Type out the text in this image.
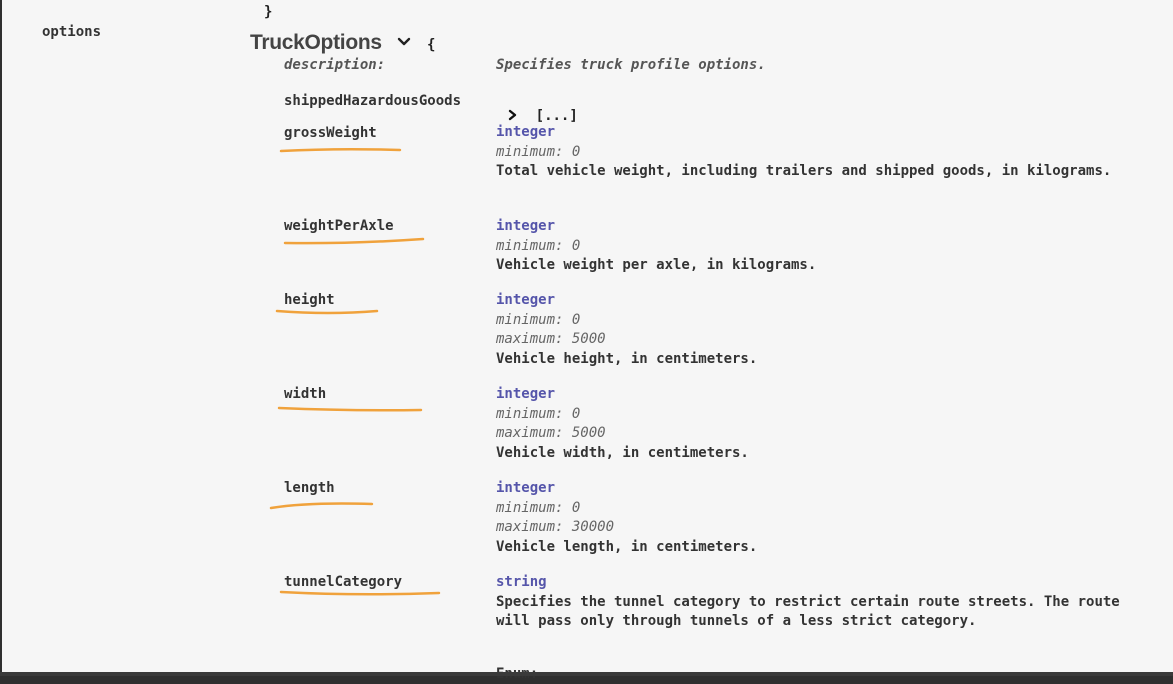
}
options	TruckOptions	{
description:	Specifies truck profile options.
shippedHazardousGoods
[...]
grossWeight	integer
minimum: 0
Total vehicle weight, including trailers and shipped goods, in kilograms.
weightPerAxle	integer
minimum: 0
Vehicle weight per axle, in kilograms.
height	integer
minimum: 0
maximum: 5000
Vehicle height, in centimeters.
width	integer
minimum: 0
maximum: 5000
Vehicle width, in centimeters.
length	integer
minimum: 0
maximum: 30000
Vehicle length, in centimeters.
tunnelCategory	string
Specifies the tunnel category to restrict certain route streets. The route will pass only through tunnels of a less strict category.
